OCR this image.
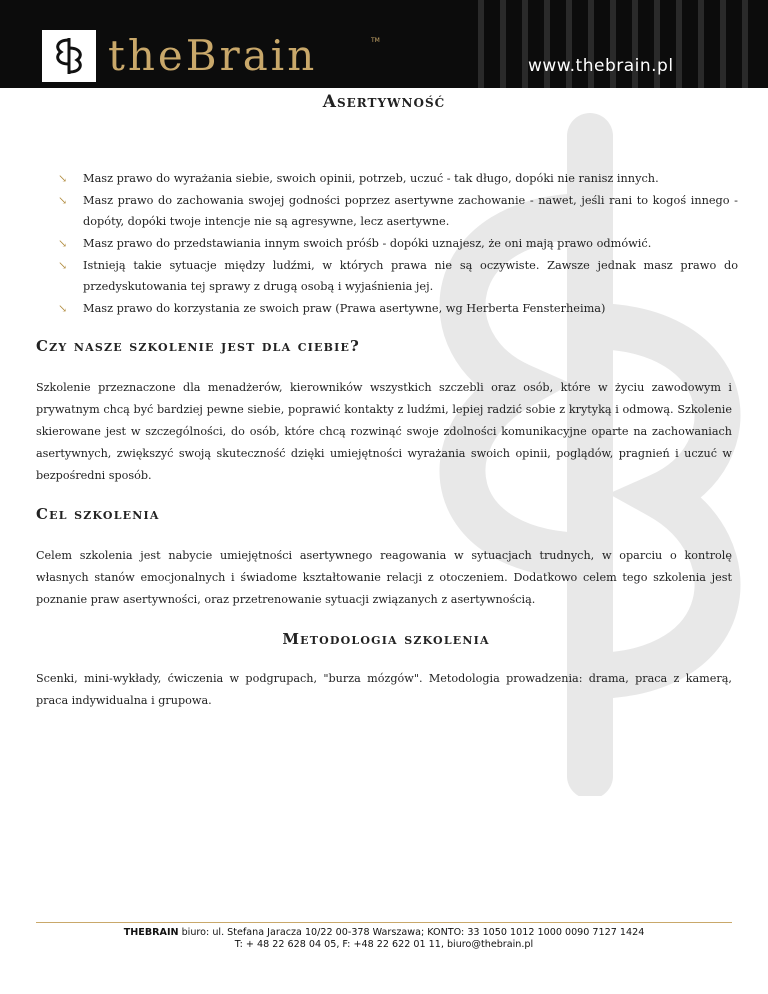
theBrain	TM
www.thebrain.pl
Asertywność
↘ Masz prawo do wyrażania siebie, swoich opinii, potrzeb, uczuć - tak długo, dopóki nie ranisz innych.
↘ Masz prawo do zachowania swojej godności poprzez asertywne zachowanie - nawet, jeśli rani to kogoś innego - dopóty, dopóki twoje intencje nie są agresywne, lecz asertywne.
↘ Masz prawo do przedstawiania innym swoich próśb - dopóki uznajesz, że oni mają prawo odmówić.
↘ Istnieją takie sytuacje między ludźmi, w których prawa nie są oczywiste. Zawsze jednak masz prawo do przedyskutowania tej sprawy z drugą osobą i wyjaśnienia jej.
↘ Masz prawo do korzystania ze swoich praw (Prawa asertywne, wg Herberta Fensterheima)
Czy nasze szkolenie jest dla ciebie?

Szkolenie przeznaczone dla menadżerów, kierowników wszystkich szczebli oraz osób, które w życiu zawodowym i prywatnym chcą być bardziej pewne siebie, poprawić kontakty z ludźmi, lepiej radzić sobie z krytyką i odmową. Szkolenie skierowane jest w szczególności, do osób, które chcą rozwinąć swoje zdolności komunikacyjne oparte na zachowaniach asertywnych, zwiększyć swoją skuteczność dzięki umiejętności wyrażania swoich opinii, poglądów, pragnień i uczuć w bezpośredni sposób.

Cel szkolenia

Celem szkolenia jest nabycie umiejętności asertywnego reagowania w sytuacjach trudnych, w oparciu o kontrolę własnych stanów emocjonalnych i świadome kształtowanie relacji z otoczeniem. Dodatkowo celem tego szkolenia jest poznanie praw asertywności, oraz przetrenowanie sytuacji związanych z asertywnością.

Metodologia szkolenia

Scenki, mini-wykłady, ćwiczenia w podgrupach, "burza mózgów". Metodologia prowadzenia: drama, praca z kamerą, praca indywidualna i grupowa.

THEBRAIN biuro: ul. Stefana Jaracza 10/22 00-378 Warszawa; KONTO: 33 1050 1012 1000 0090 7127 1424
T: + 48 22 628 04 05, F: +48 22 622 01 11, biuro@thebrain.pl
